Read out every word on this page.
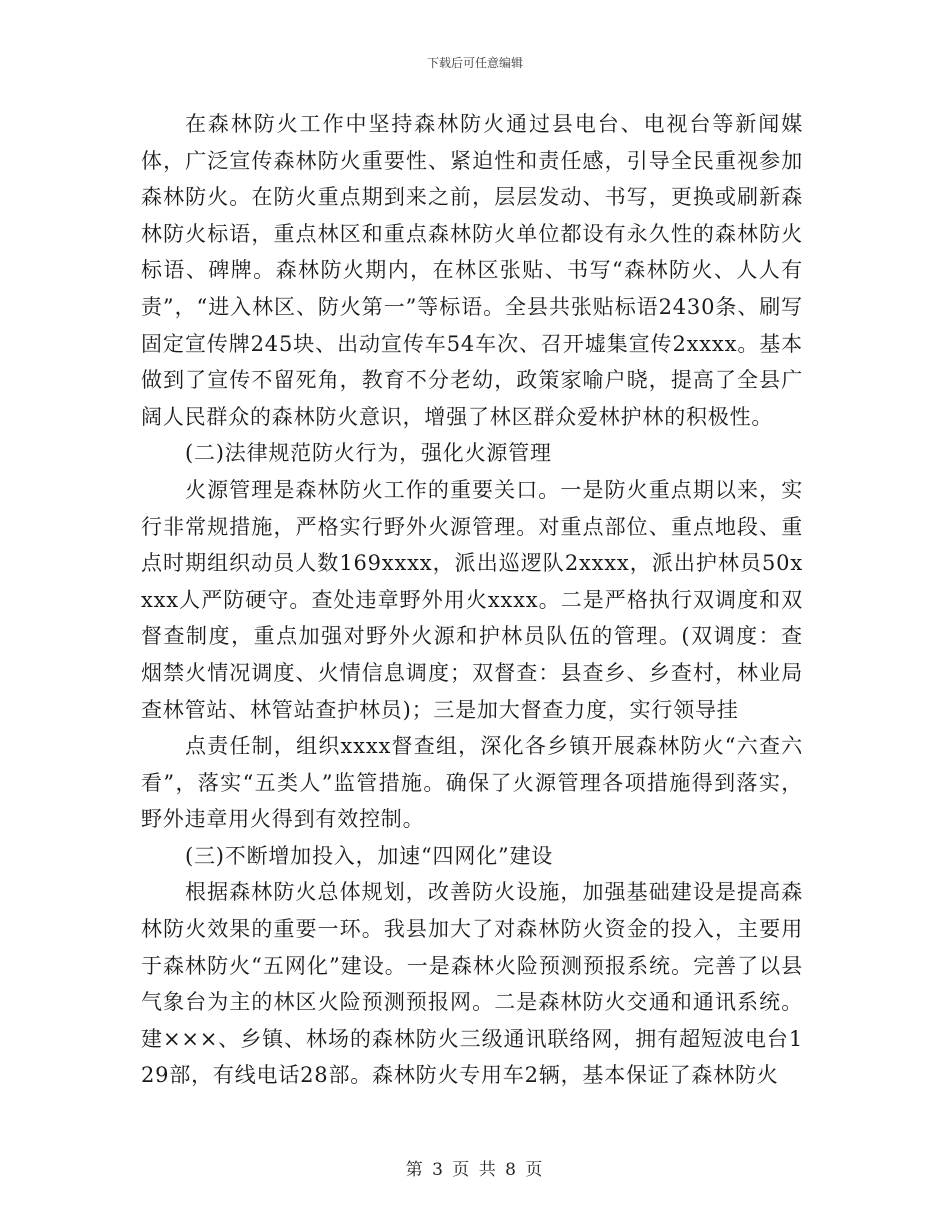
下载后可任意编辑

在森林防火工作中坚持森林防火通过县电台、电视台等新闻媒体，广泛宣传森林防火重要性、紧迫性和责任感，引导全民重视参加森林防火。在防火重点期到来之前，层层发动、书写，更换或刷新森林防火标语，重点林区和重点森林防火单位都设有永久性的森林防火标语、碑牌。森林防火期内，在林区张贴、书写“森林防火、人人有责”，“进入林区、防火第一”等标语。全县共张贴标语2430条、刷写固定宣传牌245块、出动宣传车54车次、召开墟集宣传2xxxx。基本做到了宣传不留死角，教育不分老幼，政策家喻户晓，提高了全县广阔人民群众的森林防火意识，增强了林区群众爱林护林的积极性。

(二)法律规范防火行为，强化火源管理

火源管理是森林防火工作的重要关口。一是防火重点期以来，实行非常规措施，严格实行野外火源管理。对重点部位、重点地段、重点时期组织动员人数169xxxx，派出巡逻队2xxxx，派出护林员50xxxx人严防硬守。查处违章野外用火xxxx。二是严格执行双调度和双督查制度，重点加强对野外火源和护林员队伍的管理。(双调度：查烟禁火情况调度、火情信息调度；双督查：县查乡、乡查村，林业局查林管站、林管站查护林员)；三是加大督查力度，实行领导挂

点责任制，组织xxxx督查组，深化各乡镇开展森林防火“六查六看”，落实“五类人”监管措施。确保了火源管理各项措施得到落实，野外违章用火得到有效控制。

(三)不断增加投入，加速“四网化”建设

根据森林防火总体规划，改善防火设施，加强基础建设是提高森林防火效果的重要一环。我县加大了对森林防火资金的投入，主要用于森林防火“五网化”建设。一是森林火险预测预报系统。完善了以县气象台为主的林区火险预测预报网。二是森林防火交通和通讯系统。建×××、乡镇、林场的森林防火三级通讯联络网，拥有超短波电台129部，有线电话28部。森林防火专用车2辆，基本保证了森林防火

第 3 页 共 8 页
